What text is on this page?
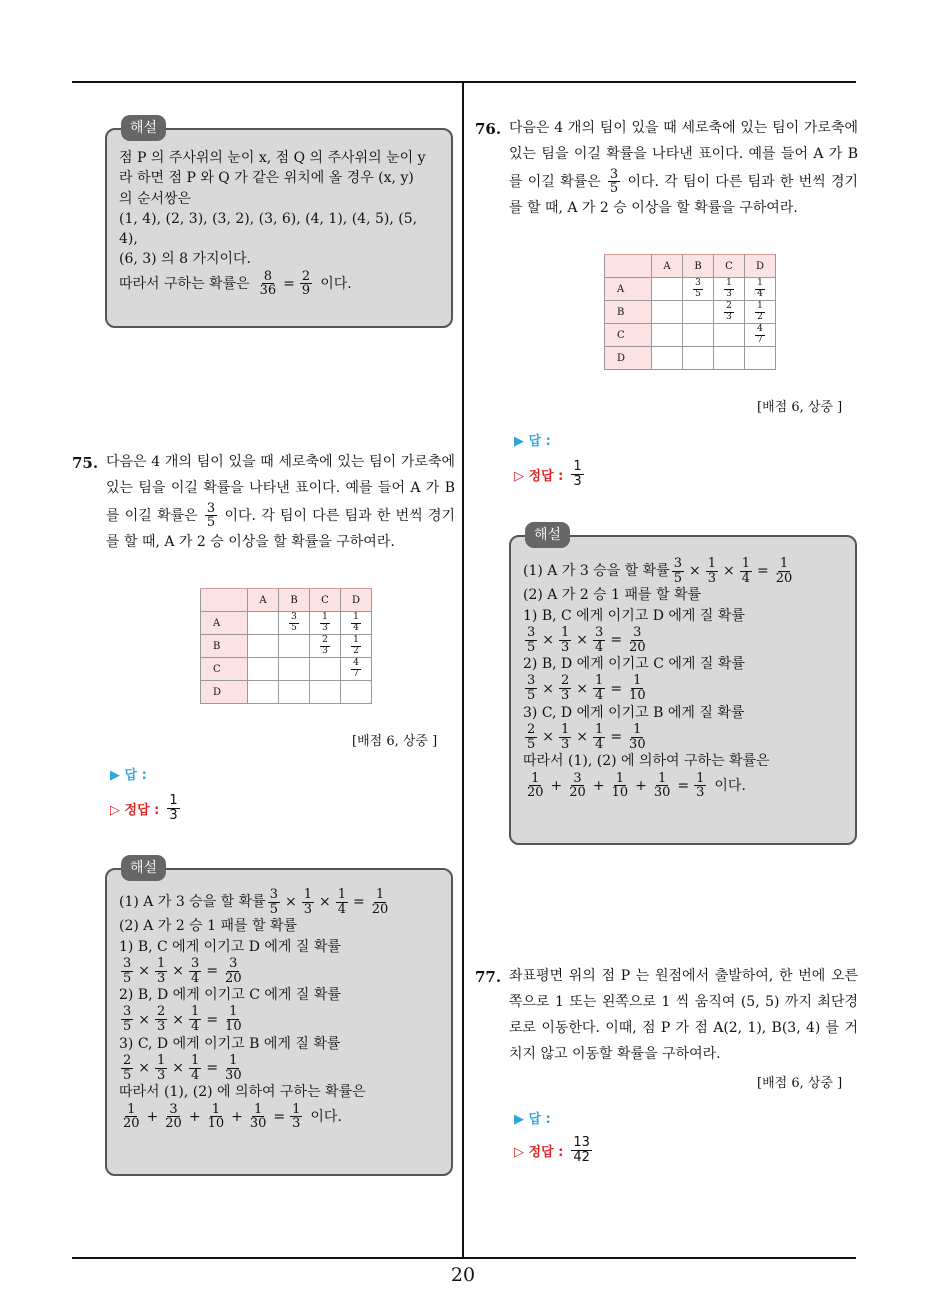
20
해설
점 P 의 주사위의 눈이 x, 점 Q 의 주사위의 눈이 y
라 하면 점 P 와 Q 가 같은 위치에 올 경우 (x, y)
의 순서쌍은
(1, 4), (2, 3), (3, 2), (3, 6), (4, 1), (4, 5), (5, 4),
(6, 3) 의 8 가지이다.
따라서 구하는 확률은 $\frac{8}{36} = \frac{2}{9}$ 이다.
75. 다음은 4 개의 팀이 있을 때 세로축에 있는 팀이 가로축에 있는 팀을 이길 확률을 나타낸 표이다. 예를 들어 A 가 B 를 이길 확률은 $\frac{3}{5}$ 이다. 각 팀이 다른 팀과 한 번씩 경기를 할 때, A 가 2 승 이상을 할 확률을 구하여라.
	A	B	C	D
A		$\frac{3}{5}$	$\frac{1}{3}$	$\frac{1}{4}$

B			$\frac{2}{3}$	$\frac{1}{2}$

C				$\frac{4}{7}$

D				
[배점 6, 상중 ]
▶ 답 :
▷ 정답 : $\frac{1}{3}$
해설
(1) A 가 3 승을 할 확률 $\frac{3}{5} \times \frac{1}{3} \times \frac{1}{4} = \frac{1}{20}$
(2) A 가 2 승 1 패를 할 확률
1) B, C 에게 이기고 D 에게 질 확률
$\frac{3}{5} \times \frac{1}{3} \times \frac{3}{4} = \frac{3}{20}$
2) B, D 에게 이기고 C 에게 질 확률
$\frac{3}{5} \times \frac{2}{3} \times \frac{1}{4} = \frac{1}{10}$
3) C, D 에게 이기고 B 에게 질 확률
$\frac{2}{5} \times \frac{1}{3} \times \frac{1}{4} = \frac{1}{30}$
따라서 (1), (2) 에 의하여 구하는 확률은
$\frac{1}{20} + \frac{3}{20} + \frac{1}{10} + \frac{1}{30} = \frac{1}{3}$ 이다.
76. 다음은 4 개의 팀이 있을 때 세로축에 있는 팀이 가로축에 있는 팀을 이길 확률을 나타낸 표이다. 예를 들어 A 가 B 를 이길 확률은 $\frac{3}{5}$ 이다. 각 팀이 다른 팀과 한 번씩 경기를 할 때, A 가 2 승 이상을 할 확률을 구하여라.
	A	B	C	D
A		$\frac{3}{5}$	$\frac{1}{3}$	$\frac{1}{4}$

B			$\frac{2}{3}$	$\frac{1}{2}$

C				$\frac{4}{7}$

D				
[배점 6, 상중 ]
▶ 답 :
▷ 정답 : $\frac{1}{3}$
해설
(1) A 가 3 승을 할 확률 $\frac{3}{5} \times \frac{1}{3} \times \frac{1}{4} = \frac{1}{20}$
(2) A 가 2 승 1 패를 할 확률
1) B, C 에게 이기고 D 에게 질 확률
$\frac{3}{5} \times \frac{1}{3} \times \frac{3}{4} = \frac{3}{20}$
2) B, D 에게 이기고 C 에게 질 확률
$\frac{3}{5} \times \frac{2}{3} \times \frac{1}{4} = \frac{1}{10}$
3) C, D 에게 이기고 B 에게 질 확률
$\frac{2}{5} \times \frac{1}{3} \times \frac{1}{4} = \frac{1}{30}$
따라서 (1), (2) 에 의하여 구하는 확률은
$\frac{1}{20} + \frac{3}{20} + \frac{1}{10} + \frac{1}{30} = \frac{1}{3}$ 이다.
77. 좌표평면 위의 점 P 는 원점에서 출발하여, 한 번에 오른쪽으로 1 또는 왼쪽으로 1 씩 움직여 (5, 5) 까지 최단경로로 이동한다. 이때, 점 P 가 점 A(2, 1), B(3, 4) 를 거치지 않고 이동할 확률을 구하여라.
[배점 6, 상중 ]
▶ 답 :
▷ 정답 : $\frac{13}{42}$
